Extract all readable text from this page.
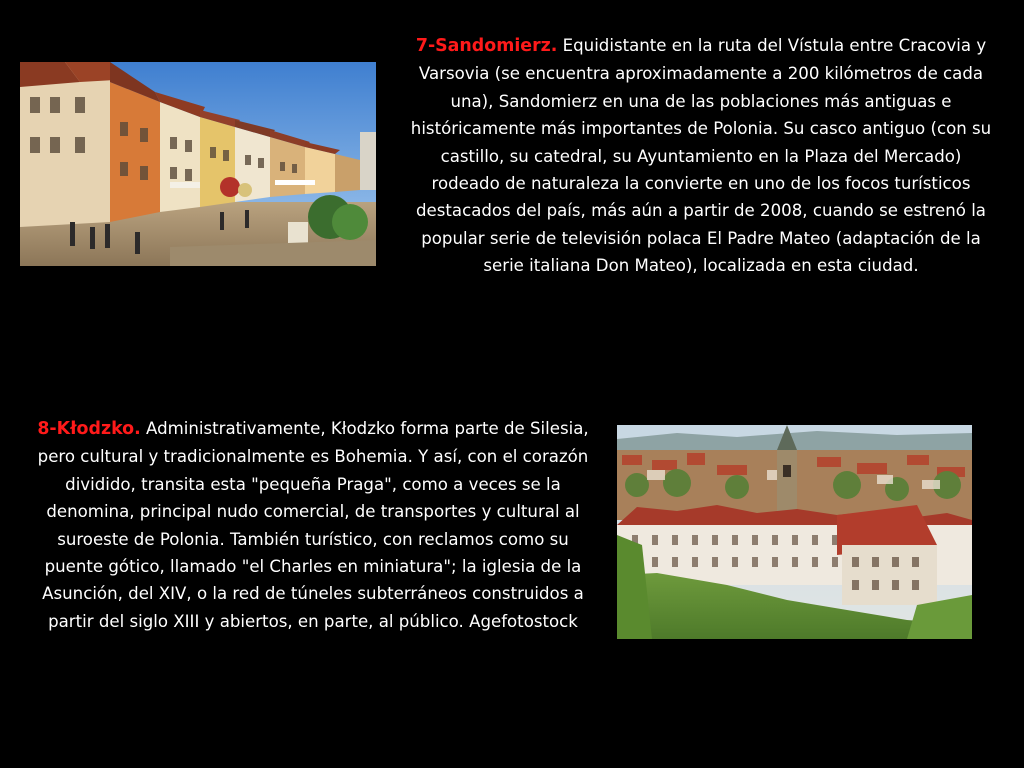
7-Sandomierz. Equidistante en la ruta del Vístula entre Cracovia y Varsovia (se encuentra aproximadamente a 200 kilómetros de cada una), Sandomierz en una de las poblaciones más antiguas e históricamente más importantes de Polonia. Su casco antiguo (con su castillo, su catedral, su Ayuntamiento en la Plaza del Mercado) rodeado de naturaleza la convierte en uno de los focos turísticos destacados del país, más aún a partir de 2008, cuando se estrenó la popular serie de televisión polaca El Padre Mateo (adaptación de la serie italiana Don Mateo), localizada en esta ciudad.
8-Kłodzko. Administrativamente, Kłodzko forma parte de Silesia, pero cultural y tradicionalmente es Bohemia. Y así, con el corazón dividido, transita esta "pequeña Praga", como a veces se la denomina, principal nudo comercial, de transportes y cultural al suroeste de Polonia. También turístico, con reclamos como su puente gótico, llamado "el Charles en miniatura"; la iglesia de la Asunción, del XIV, o la red de túneles subterráneos construidos a partir del siglo XIII y abiertos, en parte, al público. Agefotostock
